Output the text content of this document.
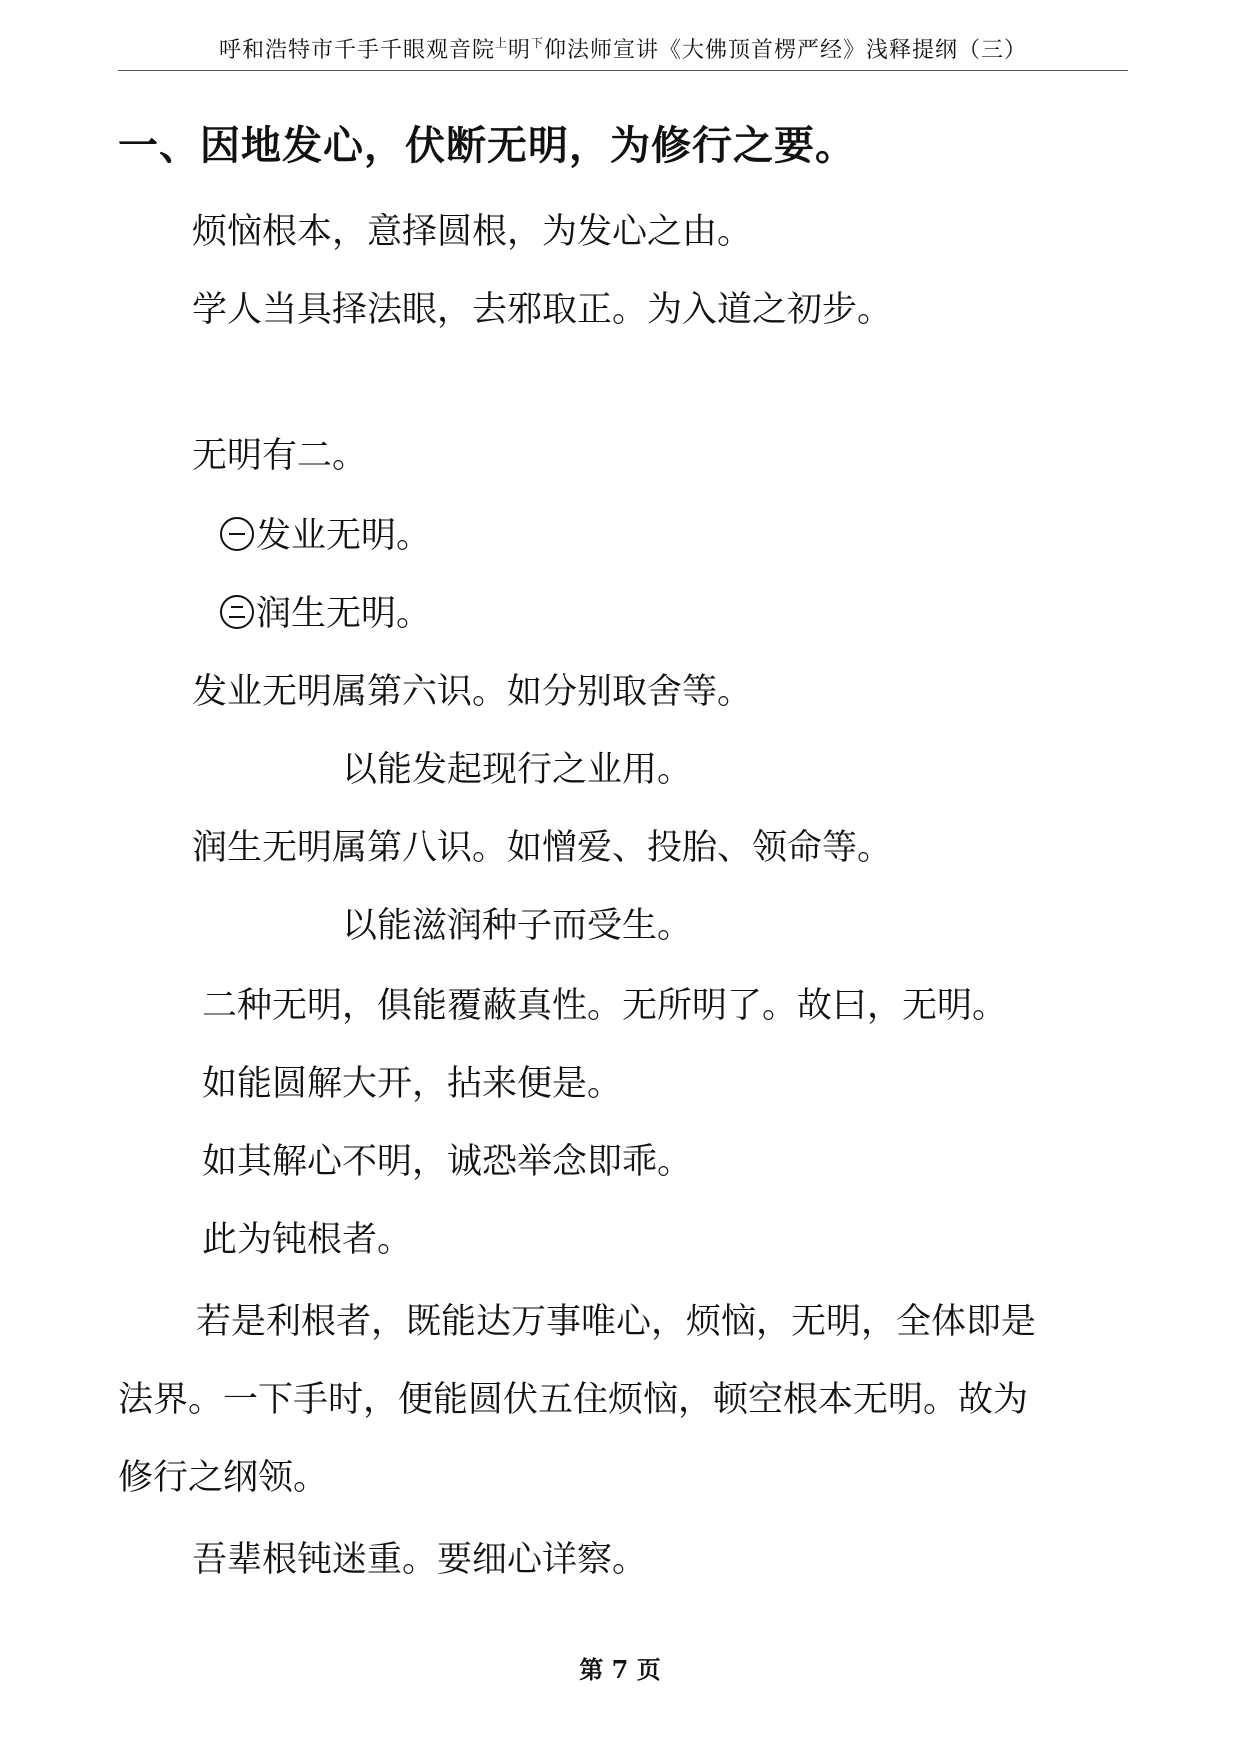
呼和浩特市千手千眼观音院$^上$明$^下$仰法师宣讲《大佛顶首楞严经》浅释提纲（三）
一、因地发心，伏断无明，为修行之要。
烦恼根本，意择圆根，为发心之由。
学人当具择法眼，去邪取正。为入道之初步。
无明有二。
发业无明。
润生无明。
发业无明属第六识。如分别取舍等。
以能发起现行之业用。
润生无明属第八识。如憎爱、投胎、领命等。
以能滋润种子而受生。
二种无明，俱能覆蔽真性。无所明了。故曰，无明。
如能圆解大开，拈来便是。
如其解心不明，诚恐举念即乖。
此为钝根者。
若是利根者，既能达万事唯心，烦恼，无明，全体即是
法界。一下手时，便能圆伏五住烦恼，顿空根本无明。故为
修行之纲领。
吾辈根钝迷重。要细心详察。
第 7 页
